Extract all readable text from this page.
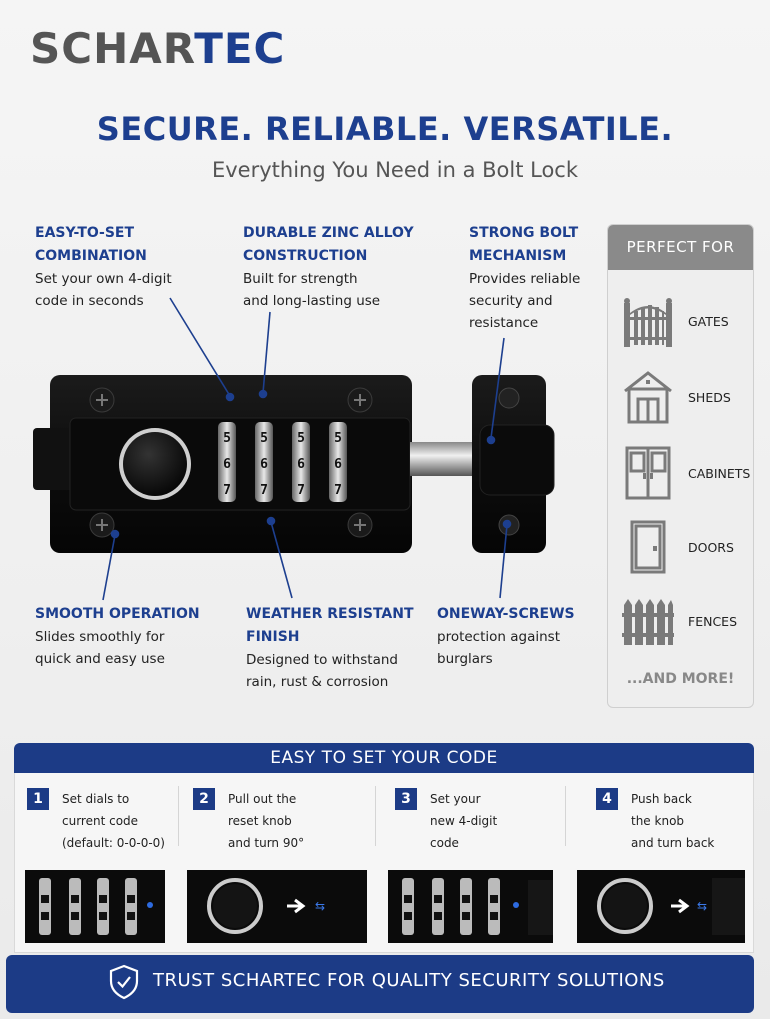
SCHARTEC
SECURE. RELIABLE. VERSATILE.
Everything You Need in a Bolt Lock
EASY-TO-SET
COMBINATION
Set your own 4-digit
code in seconds
DURABLE ZINC ALLOY
CONSTRUCTION
Built for strength
and long-lasting use
STRONG BOLT
MECHANISM
Provides reliable
security and
resistance
5
6
7
5
6
7
5
6
7
5
6
7
SMOOTH OPERATION
Slides smoothly for
quick and easy use
WEATHER RESISTANT
FINISH
Designed to withstand
rain, rust & corrosion
ONEWAY-SCREWS
protection against
burglars
PERFECT FOR
GATES
SHEDS
CABINETS
DOORS
FENCES
...AND MORE!
EASY TO SET YOUR CODE
1	Set dials to
current code
(default: 0-0-0-0)
2	Pull out the
reset knob
and turn 90°
3	Set your
new 4-digit
code
4	Push back
the knob
and turn back
⇆	⇆
TRUST SCHARTEC FOR QUALITY SECURITY SOLUTIONS
